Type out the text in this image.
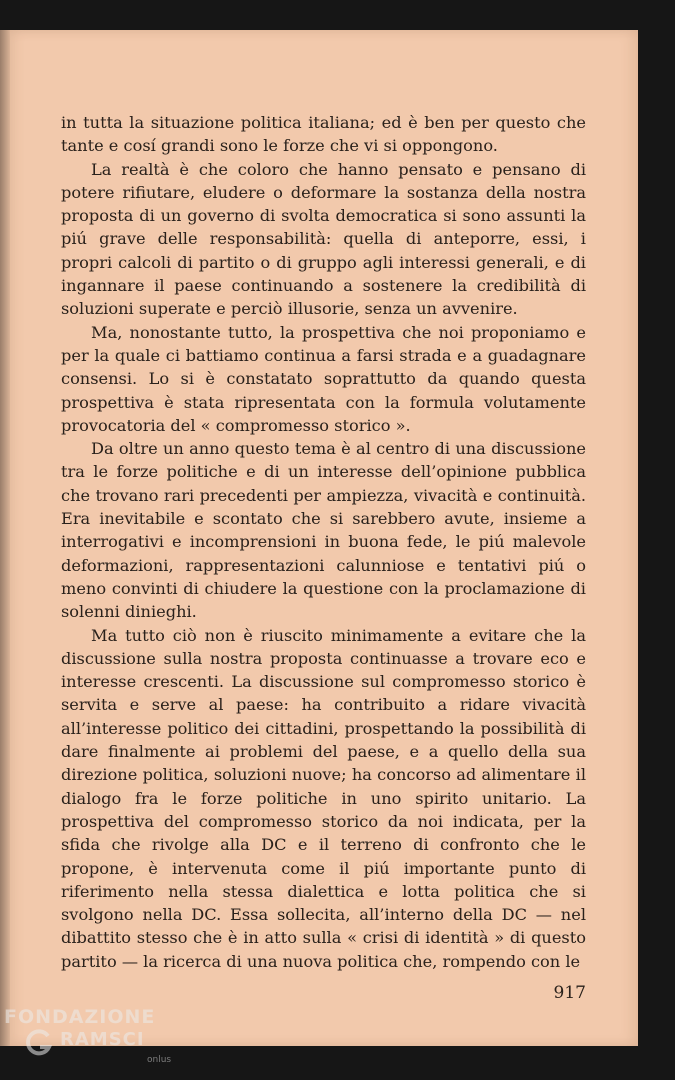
in tutta la situazione politica italiana; ed è ben per questo che tante e cosí grandi sono le forze che vi si oppongono.

La realtà è che coloro che hanno pensato e pensano di potere rifiutare, eludere o deformare la sostanza della nostra proposta di un governo di svolta democratica si sono assunti la piú grave delle responsabilità: quella di anteporre, essi, i propri calcoli di partito o di gruppo agli interessi generali, e di ingannare il paese continuando a sostenere la credibilità di soluzioni superate e perciò illusorie, senza un avvenire.

Ma, nonostante tutto, la prospettiva che noi proponiamo e per la quale ci battiamo continua a farsi strada e a guadagnare consensi. Lo si è constatato soprattutto da quando questa prospettiva è stata ripresentata con la formula volutamente provocatoria del « compromesso storico ».

Da oltre un anno questo tema è al centro di una discussione tra le forze politiche e di un interesse dell’opinione pubblica che trovano rari precedenti per ampiezza, vivacità e continuità. Era inevitabile e scontato che si sarebbero avute, insieme a interrogativi e incomprensioni in buona fede, le piú malevole deformazioni, rappresentazioni calunniose e tentativi piú o meno convinti di chiudere la questione con la proclamazione di solenni dinieghi.

Ma tutto ciò non è riuscito minimamente a evitare che la discussione sulla nostra proposta continuasse a trovare eco e interesse crescenti. La discussione sul compromesso storico è servita e serve al paese: ha contribuito a ridare vivacità all’interesse politico dei cittadini, prospettando la possibilità di dare finalmente ai problemi del paese, e a quello della sua direzione politica, soluzioni nuove; ha concorso ad alimentare il dialogo fra le forze politiche in uno spirito unitario. La prospettiva del compromesso storico da noi indicata, per la sfida che rivolge alla DC e il terreno di confronto che le propone, è intervenuta come il piú importante punto di riferimento nella stessa dialettica e lotta politica che si svolgono nella DC. Essa sollecita, all’interno della DC — nel dibattito stesso che è in atto sulla « crisi di identità » di questo partito — la ricerca di una nuova politica che, rompendo con le

917
FONDAZIONE
RAMSCI
onlus
